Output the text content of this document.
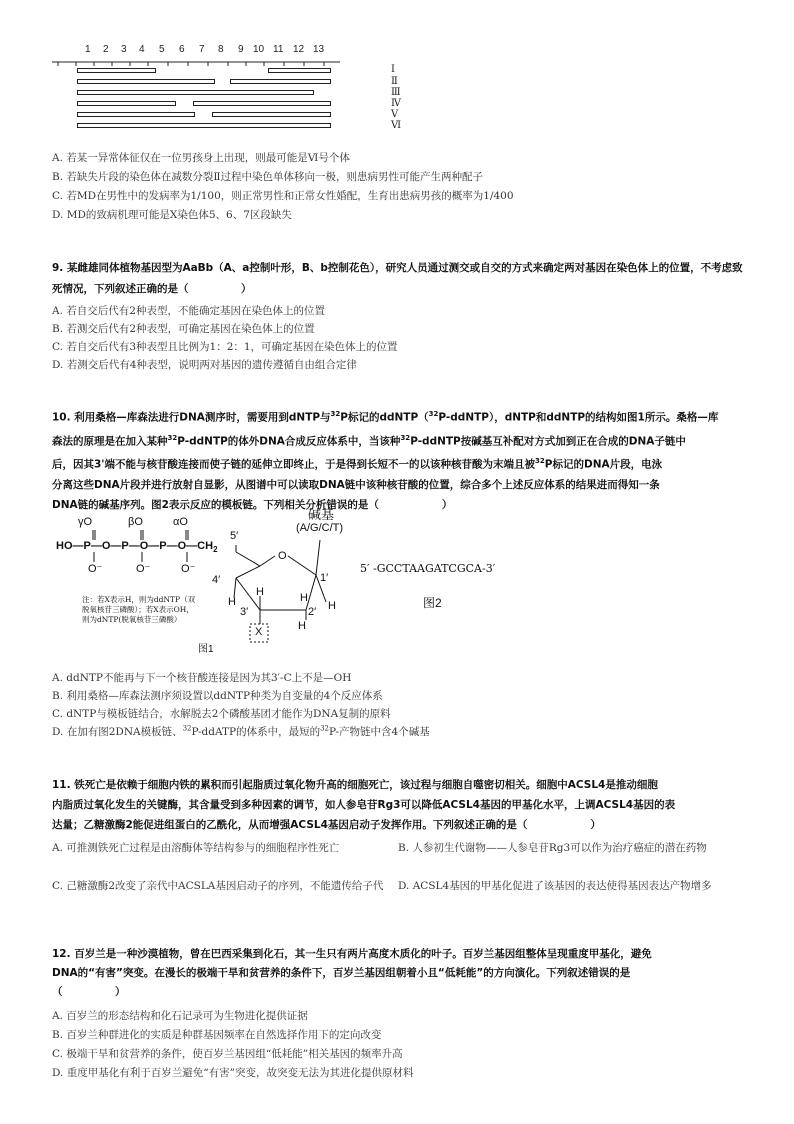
1 2 3 4 5 6 7 8 9 10 11 12 13
Ⅰ
Ⅱ
Ⅲ
Ⅳ
Ⅴ
Ⅵ
A. 若某一异常体征仅在一位男孩身上出现，则最可能是Ⅵ号个体
B. 若缺失片段的染色体在减数分裂Ⅱ过程中染色单体移向一极，则患病男性可能产生两种配子
C. 若MD在男性中的发病率为1/100，则正常男性和正常女性婚配，生育出患病男孩的概率为1/400
D. MD的致病机理可能是X染色体5、6、7区段缺失
9. 某雌雄同体植物基因型为AaBb（A、a控制叶形，B、b控制花色），研究人员通过测交或自交的方式来确定两对基因在染色体上的位置，不考虑致死情况，下列叙述正确的是（　　　　　）
A. 若自交后代有2种表型，不能确定基因在染色体上的位置
B. 若测交后代有2种表型，可确定基因在染色体上的位置
C. 若自交后代有3种表型且比例为1：2：1，可确定基因在染色体上的位置
D. 若测交后代有4种表型，说明两对基因的遗传遵循自由组合定律
10. 利用桑格—库森法进行DNA测序时，需要用到dNTP与$^{32}$P标记的ddNTP（$^{32}$P-ddNTP），dNTP和ddNTP的结构如图1所示。桑格—库
森法的原理是在加入某种$^{32}$P-ddNTP的体外DNA合成反应体系中，当该种$^{32}$P-ddNTP按碱基互补配对方式加到正在合成的DNA子链中
后，因其3'端不能与核苷酸连接而使子链的延伸立即终止，于是得到长短不一的以该种核苷酸为末端且被$^{32}$P标记的DNA片段，电泳
分离这些DNA片段并进行放射自显影，从图谱中可以读取DNA链中该种核苷酸的位置，综合多个上述反应体系的结果进而得知一条
DNA链的碱基序列。图2表示反应的模板链。下列相关分析错误的是（　　　　　　）
γO	βO	αO
$HO—P—O—P—O—P—O—CH_2$
O⁻	O⁻	O⁻
5′
O
4′	1′
H
H	H
H
H
3′	2′
X
碱基
(A/G/C/T)
注：若X表示H，则为ddNTP（双脱氧核苷三磷酸）；若X表示OH，则为dNTP(脱氧核苷三磷酸）
图1
5′ -GCCTAAGATCGCA-3′
图2
A. ddNTP不能再与下一个核苷酸连接是因为其3′-C上不是—OH
B. 利用桑格—库森法测序须设置以ddNTP种类为自变量的4个反应体系
C. dNTP与模板链结合，水解脱去2个磷酸基团才能作为DNA复制的原料
D. 在加有图2DNA模板链、$^{32}$P-ddATP的体系中，最短的$^{32}$P-产物链中含4个碱基
11. 铁死亡是依赖于细胞内铁的累积而引起脂质过氧化物升高的细胞死亡，该过程与细胞自噬密切相关。细胞中ACSL4是推动细胞
内脂质过氧化发生的关键酶，其含量受到多种因素的调节，如人参皂苷Rg3可以降低ACSL4基因的甲基化水平，上调ACSL4基因的表
达量；乙糖激酶2能促进组蛋白的乙酰化，从而增强ACSL4基因启动子发挥作用。下列叙述正确的是（　　　　　　）
A. 可推测铁死亡过程是由溶酶体等结构参与的细胞程序性死亡	B. 人参初生代谢物——人参皂苷Rg3可以作为治疗癌症的潜在药物
C. 己糖激酶2改变了亲代中ACSLA基因启动子的序列，不能遗传给子代	D. ACSL4基因的甲基化促进了该基因的表达使得基因表达产物增多
12. 百岁兰是一种沙漠植物，曾在巴西采集到化石，其一生只有两片高度木质化的叶子。百岁兰基因组整体呈现重度甲基化，避免
DNA的“有害”突变。在漫长的极端干旱和贫营养的条件下，百岁兰基因组朝着小且“低耗能”的方向演化。下列叙述错误的是
（　　　　　）
A. 百岁兰的形态结构和化石记录可为生物进化提供证据
B. 百岁兰种群进化的实质是种群基因频率在自然选择作用下的定向改变
C. 极端干旱和贫营养的条件，使百岁兰基因组“低耗能”相关基因的频率升高
D. 重度甲基化有利于百岁兰避免“有害”突变，故突变无法为其进化提供原材料
